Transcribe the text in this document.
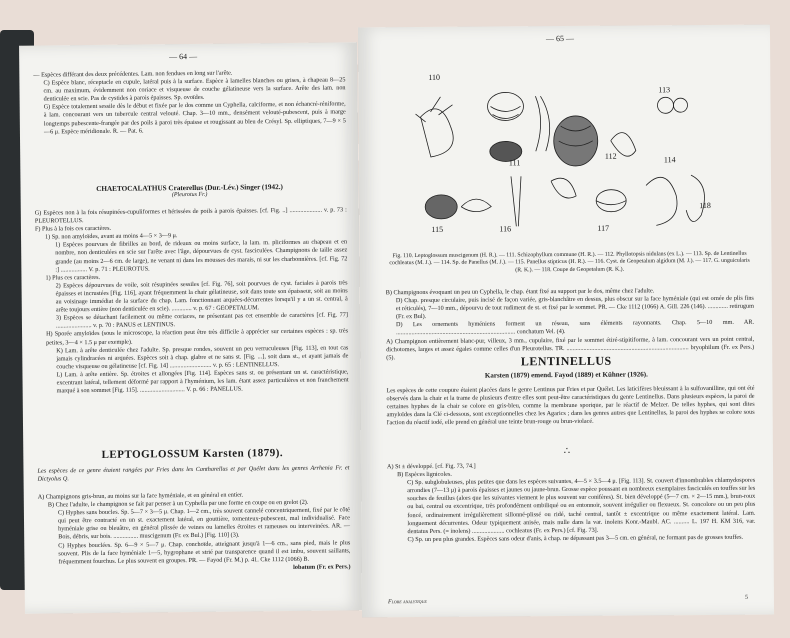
— 64 —
— Espèces différant des deux précédentes. Lam. non fendues en long sur l'arête.
C) Espèce blanc, réceptacle en cupule, latéral puis à la surface. Espèce à lamelles blanches ou grises, à chapeau 8—25 cm. au maximum, évidemment non coriace et visqueuse de couche gélatineuse vers la surface. Arête des lam. non denticulée en scie. Pas de cystides à parois épaisses. Sp. ovoïdes.
G) Espèce totalement sessile dès le début et fixée par le dos comme un Cyphella, calciforme, et non échancré-réniforme, à lam. concourant vers un tubercule central velouté. Chap. 3—10 mm., densément velouté-pubescent, puis à marge longtemps pubescente-frangée par des poils à paroi très épaisse et rougissant au bleu de Crésyl. Sp. elliptiques, 7—9 × 5—6 μ. Espèce méridionale. R. — Pat. 6.
CHAETOCALATHUS Craterellus (Dur.-Lév.) Singer (1942.)
(Pleurotus Fr.)
G) Espèces non à la fois résupinées-cupuliformes et hérissées de poils à parois épaisses. [cf. Fig. ..] ..................... v. p. 73 : PLEUROTELLUS.
F) Plus à la fois ces caractères.
1) Sp. non amyloïdes, avant au moins 4—5 × 3—9 μ.
1) Espèces pourvues de fibrilles au bord, de rideaux ou moins surface, la lam. m. pliciformes au chapeau et en nombre, non denticulées en scie sur l'arête avec l'âge, dépourvues de cyst. fasciculées. Champignons de taille assez grande (au moins 2—6 cm. de large), ne venant ni dans les mousses des marais, ni sur les charbonnières. [cf. Fig. 72 :] ................. V. p. 71 : PLEUROTUS.
1) Plus ces caractères.
2) Espèces dépourvues de voile, soit résupinées sessiles [cf. Fig. 76], soit pourvues de cyst. faciales à parois très épaisses et incrustées [Fig. 116], ayant fréquemment la chair gélatineuse, soit dans toute son épaisseur, soit au moins au voisinage immédiat de la surface du chap. Lam. fonctionnant arquées-décurrentes lorsqu'il y a un st. central, à arête toujours entière (non denticulée en scie). ............. v. p. 67 : GEOPETALUM.
3) Espèces se détachant facilement ou même coriaces, ne présentant pas cet ensemble de caractères [cf. Fig. 77] ....................... v. p. 70 : PANUS et LENTINUS.
H) Sporée amyloïdes (sous le microscope, la réaction peut être très difficile à apprécier sur certaines espèces : sp. très petites, 3—4 × 1.5 μ par exemple).
K) Lam. à arête denticulée chez l'adulte. Sp. presque rondes, souvent un peu verruculeuses [Fig. 113], en tout cas jamais cylindracées ni arquées. Espèces soit à chap. glabre et ne sans st. [Fig. ...], soit dans st., et ayant jamais de couche visqueuse ou gélatineuse [cf. Fig. 14] ........................... v. p. 65 : LENTINELLUS.
L) Lam. à arête entière. Sp. étroites et allongées [Fig. 114]. Espèces sans st. ou présentant un st. caractéristique, excentrant latéral, tellement déformé par rapport à l'hyménium, les lam. étant assez particulières et non franchement marqué à son sommet [Fig. 115]. ............................. V. p. 66 : PANELLUS.
LEPTOGLOSSUM Karsten (1879).
Les espèces de ce genre étaient rangées par Fries dans les Cantharellus et par Quélet dans les genres Arrhenia Fr. et Dictyolus Q.
A) Champignons gris-brun, au moins sur la face hyméniale, et en général en entier.
B) Chez l'adulte, le champignon se fait par penser à un Cyphella par une forme en coupe ou en grelot (2).
C) Hyphes sans boucles. Sp. 5—7 × 3—5 μ. Chap. 1—2 cm., très souvent cannelé concentriquement, fixé par le côté qui peut être contracté en un st. exactement latéral, en gouttière, tomenteux-pubescent, mal individualisé. Face hyméniale grise ou bleuâtre, en général plissée de veines ou lamelles étroites et rameuses ou interveinées. AR. — Bois, débris, sur bois. ................ muscigenum (Fr. ex Bul.) [Fig. 110] (3).
C) Hyphes bouclées. Sp. 6—9 × 5—7 μ. Chap. conchoïde, atteignant jusqu'à 1—6 cm., sans pied, mais le plus souvent. Plis de la face hyméniale 1—5, hygrophane et strié par transparence quand il est imbu, souvent saillants, fréquemment fourchus. Le plus souvent en groupes. PR. — Fayod (Fr. M.) p. 41. Cke 1112 (1066) B.
lobatum (Fr. ex Pers.)
— 65 —
110
113
111
112	114
115	116	117
118
Fig. 110. Leptoglossum muscigenum (H. R.). — 111. Schizophyllum commune (H. R.). — 112. Phyllotopsis nidulans (ex L.). — 113. Sp. de Lentinellus cochleatus (M. J.). — 114. Sp. de Panellus (M. J.). — 115. Panellus stipticus (H. R.). — 116. Cyst. de Geopetalum algidum (M. J.). — 117. G. unguicularis (R. K.). — 118. Coupe de Geopetalum (R. K.).
B) Champignons évoquant un peu un Cyphella, le chap. étant fixé au support par le dos, même chez l'adulte.
D) Chap. presque circulaire, puis incisé de façon variée, gris-blanchâtre en dessus, plus obscur sur la face hyméniale (qui est ornée de plis fins et réticulés), 7—10 mm., dépourvu de tout rudiment de st. et fixé par le sommet. PR. — Cke 1112 (1066) A. Gill. 226 (146). ............. retirugum (Fr. ex Bul).
D) Les ornements hyméniens forment un réseau, sans éléments rayonnants. Chap. 5—10 mm. AR. ............................................................................. conchatum Vel. (4).
A) Champignon entièrement blanc-pur, villeux, 3 mm., cupulaire, fixé par le sommet étiré-stipitiforme, à lam. concourant vers un point central, dichotomes, larges et assez égales comme celles d'un Pleurotellus. TR. ............................................................................... bryophilum (Fr. ex Pers.) (5).	LENTINELLUS
Karsten (1879) emend. Fayod (1889) et Kühner (1926).
Les espèces de cette coupure étaient placées dans le genre Lentinus par Fries et par Quélet. Les laticifères bleuissant à la sulfovanilline, qui ont été observés dans la chair et la trame de plusieurs d'entre elles sont peut-être caractéristiques du genre Lentinellus. Dans plusieurs espèces, la paroi de certaines hyphes de la chair se colore en gris-bleu, comme la membrane sporique, par le réactif de Melzer. De telles hyphes, qui sont dites amyloïdes dans la Clé ci-dessous, sont exceptionnelles chez les Agarics ; dans les genres autres que Lentinellus, la paroi des hyphes se colore sous l'action du réactif iodé, elle prend en général une teinte brun-rouge ou brun-violacé.
∴
A) St ± développé. [cf. Fig. 73, 74.]
B) Espèces lignicoles.
C) Sp. subglobuleuses, plus petites que dans les espèces suivantes, 4—5 × 3.5—4 μ. [Fig. 113]. St. couvert d'innombrables chlamydospores arrondies (7—13 μ) à parois épaisses et jaunes ou jaune-brun. Grosse espèce poussant en nombreux exemplaires fasciculés en touffes sur les souches de feuillus (alors que les suivantes viennent le plus souvent sur conifères). St. bien développé (5—7 cm. × 2—15 mm.), brun-roux ou bai, central ou excentrique, très profondément ombiliqué ou en entonnoir, souvent irrégulier ou flexueux. St. concolore ou un peu plus foncé, ordinairement irrégulièrement sillonné-plissé ou ridé, taché central, tantôt ± excentrique ou même exactement latéral. Lam. longuement décurrentes. Odeur typiquement anisée, mais nulle dans la var. inolens Konr.-Maubl. AC. .......... L. 197 H. KM 316, var. dentatus Pers. (= inolens) ..................... cochleatus (Fr. ex Pers.) [cf. Fig. 73].
C) Sp. un peu plus grandes. Espèces sans odeur d'anis, à chap. ne dépassant pas 3—5 cm. en général, ne formant pas de grosses touffes.
Flore analytique
5
